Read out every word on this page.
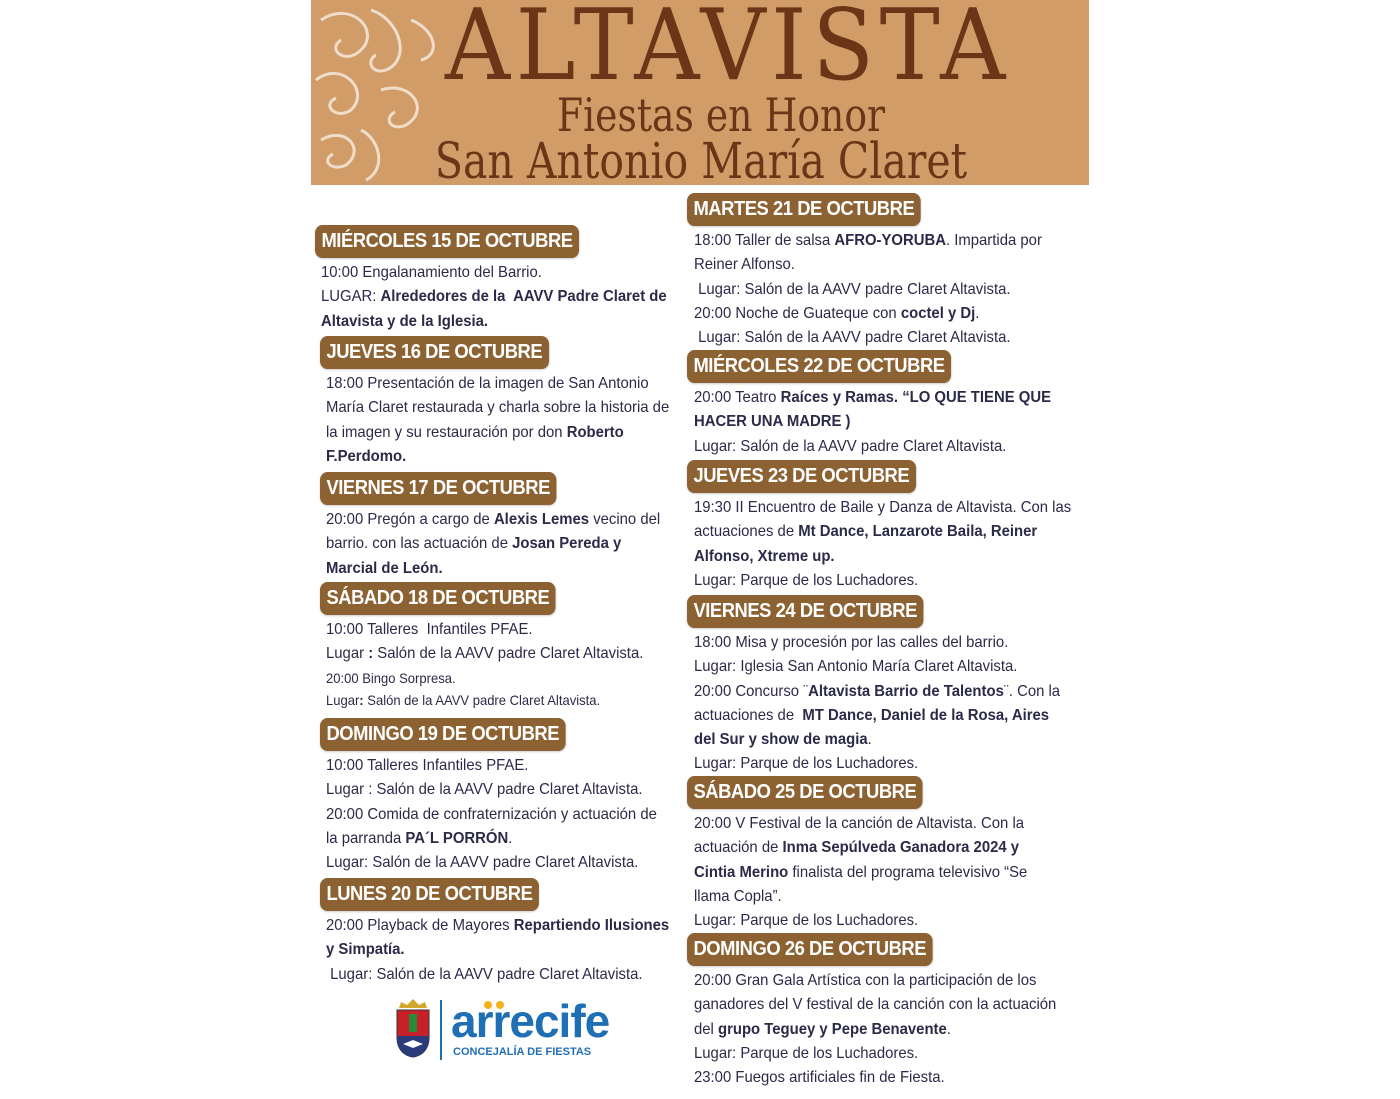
ALTAVISTA
Fiestas en Honor
San Antonio María Claret
MIÉRCOLES 15 DE OCTUBRE
10:00 Engalanamiento del Barrio.
LUGAR: Alrededores de la  AAVV Padre Claret de
Altavista y de la Iglesia.
JUEVES 16 DE OCTUBRE
18:00 Presentación de la imagen de San Antonio
María Claret restaurada y charla sobre la historia de
la imagen y su restauración por don Roberto
F.Perdomo.
VIERNES 17 DE OCTUBRE
20:00 Pregón a cargo de Alexis Lemes vecino del
barrio. con las actuación de Josan Pereda y
Marcial de León.
SÁBADO 18 DE OCTUBRE
10:00 Talleres  Infantiles PFAE.
Lugar : Salón de la AAVV padre Claret Altavista.
20:00 Bingo Sorpresa.
Lugar: Salón de la AAVV padre Claret Altavista.
DOMINGO 19 DE OCTUBRE
10:00 Talleres Infantiles PFAE.
Lugar : Salón de la AAVV padre Claret Altavista.
20:00 Comida de confraternización y actuación de
la parranda PA´L PORRÓN.
Lugar: Salón de la AAVV padre Claret Altavista.
LUNES 20 DE OCTUBRE
20:00 Playback de Mayores Repartiendo Ilusiones
y Simpatía.
Lugar: Salón de la AAVV padre Claret Altavista.
MARTES 21 DE OCTUBRE
18:00 Taller de salsa AFRO-YORUBA. Impartida por
Reiner Alfonso.
Lugar: Salón de la AAVV padre Claret Altavista.
20:00 Noche de Guateque con coctel y Dj.
Lugar: Salón de la AAVV padre Claret Altavista.
MIÉRCOLES 22 DE OCTUBRE
20:00 Teatro Raíces y Ramas. “LO QUE TIENE QUE
HACER UNA MADRE )
Lugar: Salón de la AAVV padre Claret Altavista.
JUEVES 23 DE OCTUBRE
19:30 II Encuentro de Baile y Danza de Altavista. Con las
actuaciones de Mt Dance, Lanzarote Baila, Reiner
Alfonso, Xtreme up.
Lugar: Parque de los Luchadores.
VIERNES 24 DE OCTUBRE
18:00 Misa y procesión por las calles del barrio.
Lugar: Iglesia San Antonio María Claret Altavista.
20:00 Concurso ¨Altavista Barrio de Talentos¨. Con la
actuaciones de  MT Dance, Daniel de la Rosa, Aires
del Sur y show de magia.
Lugar: Parque de los Luchadores.
SÁBADO 25 DE OCTUBRE
20:00 V Festival de la canción de Altavista. Con la
actuación de Inma Sepúlveda Ganadora 2024 y
Cintia Merino finalista del programa televisivo “Se
llama Copla”.
Lugar: Parque de los Luchadores.
DOMINGO 26 DE OCTUBRE
20:00 Gran Gala Artística con la participación de los
ganadores del V festival de la canción con la actuación
del grupo Teguey y Pepe Benavente.
Lugar: Parque de los Luchadores.
23:00 Fuegos artificiales fin de Fiesta.
arrecife
CONCEJALÍA DE FIESTAS
